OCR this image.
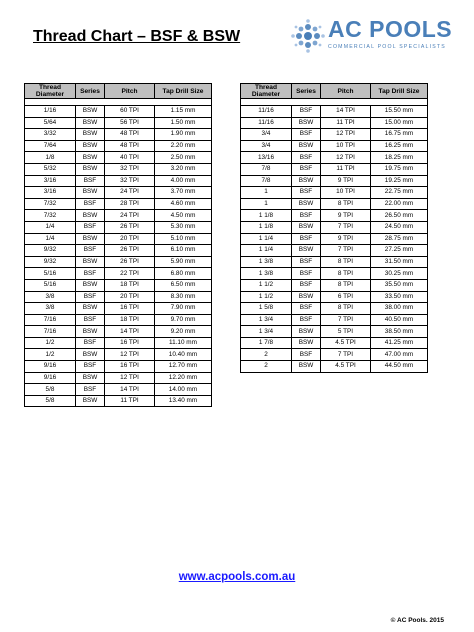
Thread Chart – BSF & BSW	AC POOLS
COMMERCIAL POOL SPECIALISTS
Thread Diameter	Series	Pitch	Tap Drill Size

1/16	BSW	60 TPI	1.15 mm
5/64	BSW	56 TPI	1.50 mm
3/32	BSW	48 TPI	1.90 mm
7/64	BSW	48 TPI	2.20 mm
1/8	BSW	40 TPI	2.50 mm
5/32	BSW	32 TPI	3.20 mm
3/16	BSF	32 TPI	4.00 mm
3/16	BSW	24 TPI	3.70 mm
7/32	BSF	28 TPI	4.60 mm
7/32	BSW	24 TPI	4.50 mm
1/4	BSF	26 TPI	5.30 mm
1/4	BSW	20 TPI	5.10 mm
9/32	BSF	26 TPI	6.10 mm
9/32	BSW	26 TPI	5.90 mm
5/16	BSF	22 TPI	6.80 mm
5/16	BSW	18 TPI	6.50 mm
3/8	BSF	20 TPI	8.30 mm
3/8	BSW	16 TPI	7.90 mm
7/16	BSF	18 TPI	9.70 mm
7/16	BSW	14 TPI	9.20 mm
1/2	BSF	16 TPI	11.10 mm
1/2	BSW	12 TPI	10.40 mm
9/16	BSF	16 TPI	12.70 mm
9/16	BSW	12 TPI	12.20 mm
5/8	BSF	14 TPI	14.00 mm
5/8	BSW	11 TPI	13.40 mm
Thread Diameter	Series	Pitch	Tap Drill Size

11/16	BSF	14 TPI	15.50 mm
11/16	BSW	11 TPI	15.00 mm
3/4	BSF	12 TPI	16.75 mm
3/4	BSW	10 TPI	16.25 mm
13/16	BSF	12 TPI	18.25 mm
7/8	BSF	11 TPI	19.75 mm
7/8	BSW	9 TPI	19.25 mm
1	BSF	10 TPI	22.75 mm
1	BSW	8 TPI	22.00 mm
1 1/8	BSF	9 TPI	26.50 mm
1 1/8	BSW	7 TPI	24.50 mm
1 1/4	BSF	9 TPI	28.75 mm
1 1/4	BSW	7 TPI	27.25 mm
1 3/8	BSF	8 TPI	31.50 mm
1 3/8	BSF	8 TPI	30.25 mm
1 1/2	BSF	8 TPI	35.50 mm
1 1/2	BSW	6 TPI	33.50 mm
1 5/8	BSF	8 TPI	38.00 mm
1 3/4	BSF	7 TPI	40.50 mm
1 3/4	BSW	5 TPI	38.50 mm
1 7/8	BSW	4.5 TPI	41.25 mm
2	BSF	7 TPI	47.00 mm
2	BSW	4.5 TPI	44.50 mm
www.acpools.com.au
© AC Pools. 2015
